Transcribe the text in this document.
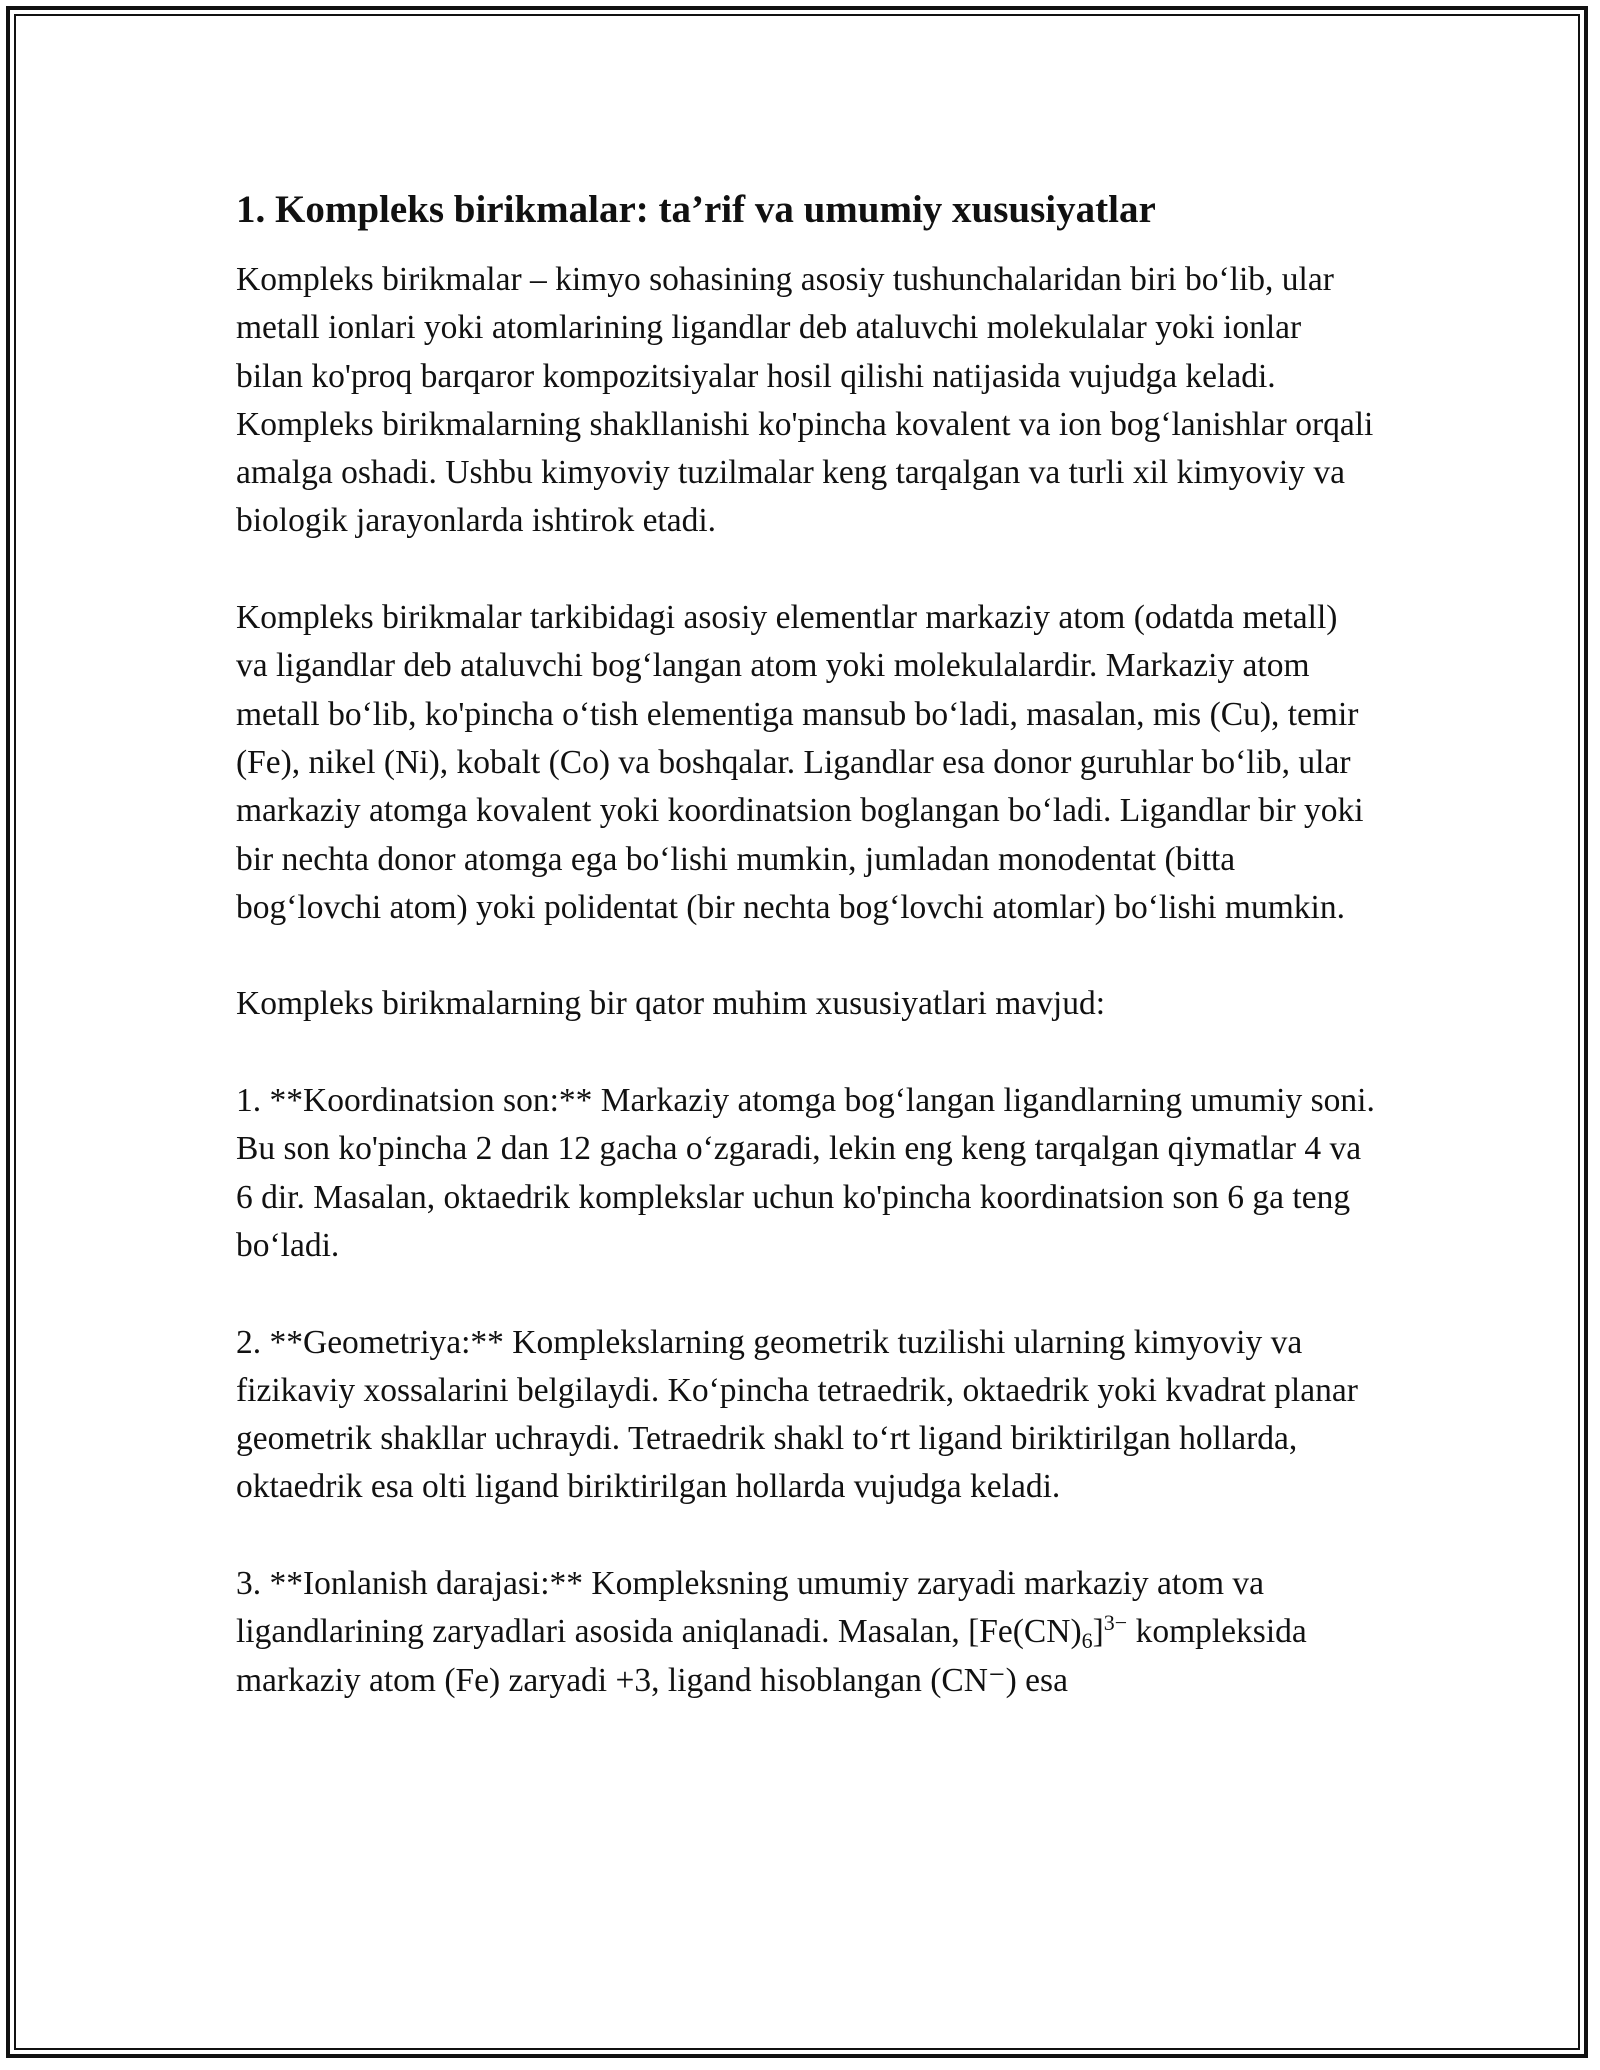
1. Kompleks birikmalar: ta’rif va umumiy xususiyatlar

Kompleks birikmalar – kimyo sohasining asosiy tushunchalaridan biri bo‘lib, ular metall ionlari yoki atomlarining ligandlar deb ataluvchi molekulalar yoki ionlar bilan ko'proq barqaror kompozitsiyalar hosil qilishi natijasida vujudga keladi. Kompleks birikmalarning shakllanishi ko'pincha kovalent va ion bog‘lanishlar orqali amalga oshadi. Ushbu kimyoviy tuzilmalar keng tarqalgan va turli xil kimyoviy va biologik jarayonlarda ishtirok etadi.

Kompleks birikmalar tarkibidagi asosiy elementlar markaziy atom (odatda metall) va ligandlar deb ataluvchi bog‘langan atom yoki molekulalardir. Markaziy atom metall bo‘lib, ko'pincha o‘tish elementiga mansub bo‘ladi, masalan, mis (Cu), temir (Fe), nikel (Ni), kobalt (Co) va boshqalar. Ligandlar esa donor guruhlar bo‘lib, ular markaziy atomga kovalent yoki koordinatsion boglangan bo‘ladi. Ligandlar bir yoki bir nechta donor atomga ega bo‘lishi mumkin, jumladan monodentat (bitta bog‘lovchi atom) yoki polidentat (bir nechta bog‘lovchi atomlar) bo‘lishi mumkin.

Kompleks birikmalarning bir qator muhim xususiyatlari mavjud:

1. **Koordinatsion son:** Markaziy atomga bog‘langan ligandlarning umumiy soni. Bu son ko'pincha 2 dan 12 gacha o‘zgaradi, lekin eng keng tarqalgan qiymatlar 4 va 6 dir. Masalan, oktaedrik komplekslar uchun ko'pincha koordinatsion son 6 ga teng bo‘ladi.

2. **Geometriya:** Komplekslarning geometrik tuzilishi ularning kimyoviy va fizikaviy xossalarini belgilaydi. Ko‘pincha tetraedrik, oktaedrik yoki kvadrat planar geometrik shakllar uchraydi. Tetraedrik shakl to‘rt ligand biriktirilgan hollarda, oktaedrik esa olti ligand biriktirilgan hollarda vujudga keladi.

3. **Ionlanish darajasi:** Kompleksning umumiy zaryadi markaziy atom va ligandlarining zaryadlari asosida aniqlanadi. Masalan, $[Fe(CN)_6]^{3-}$ kompleksida markaziy atom (Fe) zaryadi +3, ligand hisoblangan (CN⁻) esa
